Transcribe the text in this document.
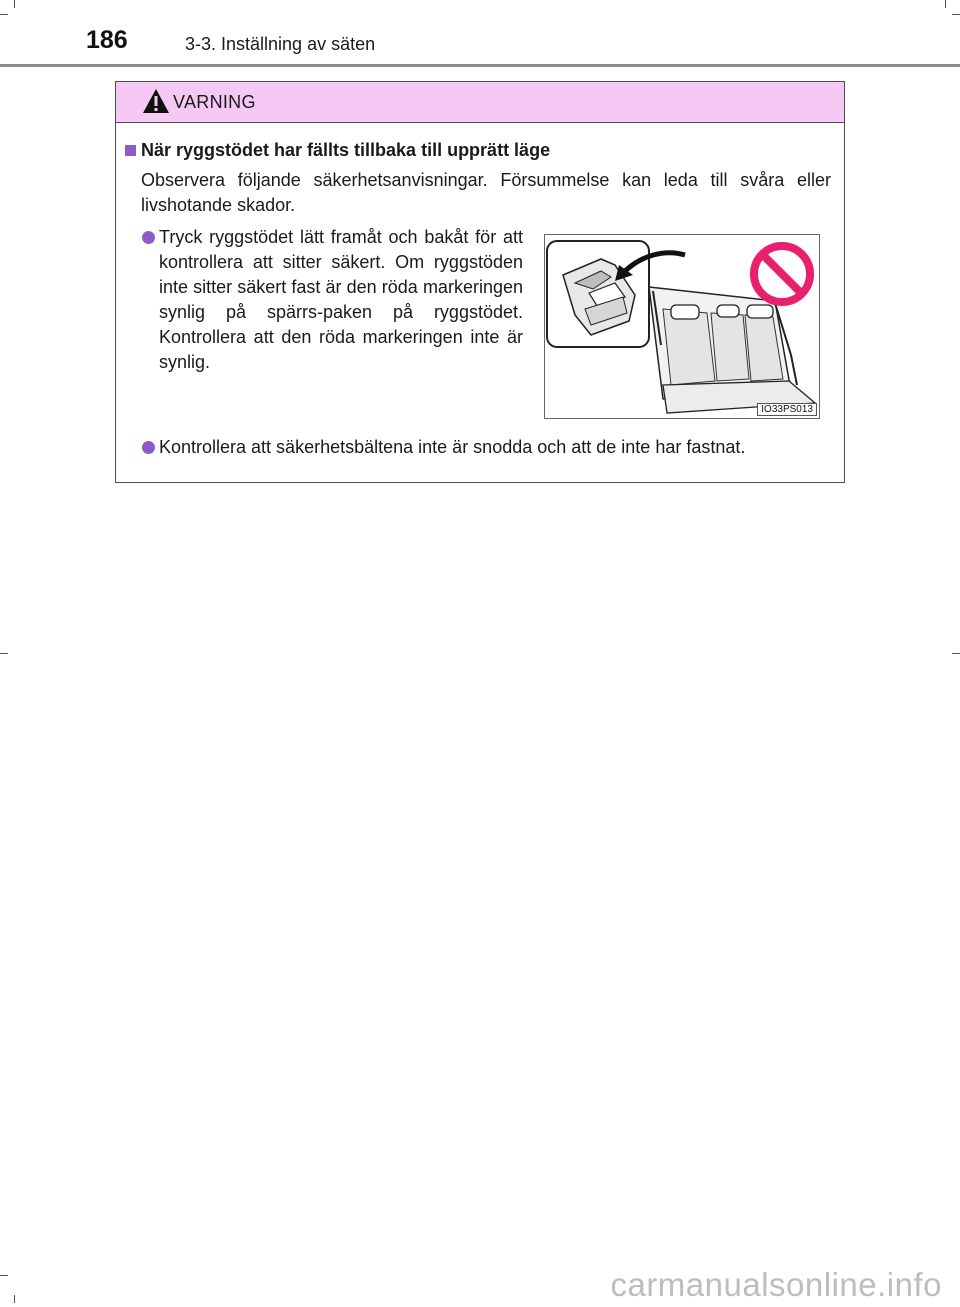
186	3-3. Inställning av säten
VARNING
När ryggstödet har fällts tillbaka till upprätt läge
Observera följande säkerhetsanvisningar. Försummelse kan leda till svåra eller livshotande skador.
Tryck ryggstödet lätt framåt och bakåt för att kontrollera att sitter säkert. Om ryggstöden inte sitter säkert fast är den röda markeringen synlig på spärrs-paken på ryggstödet. Kontrollera att den röda markeringen inte är synlig.
IO33PS013
Kontrollera att säkerhetsbältena inte är snodda och att de inte har fastnat.
carmanualsonline.info
